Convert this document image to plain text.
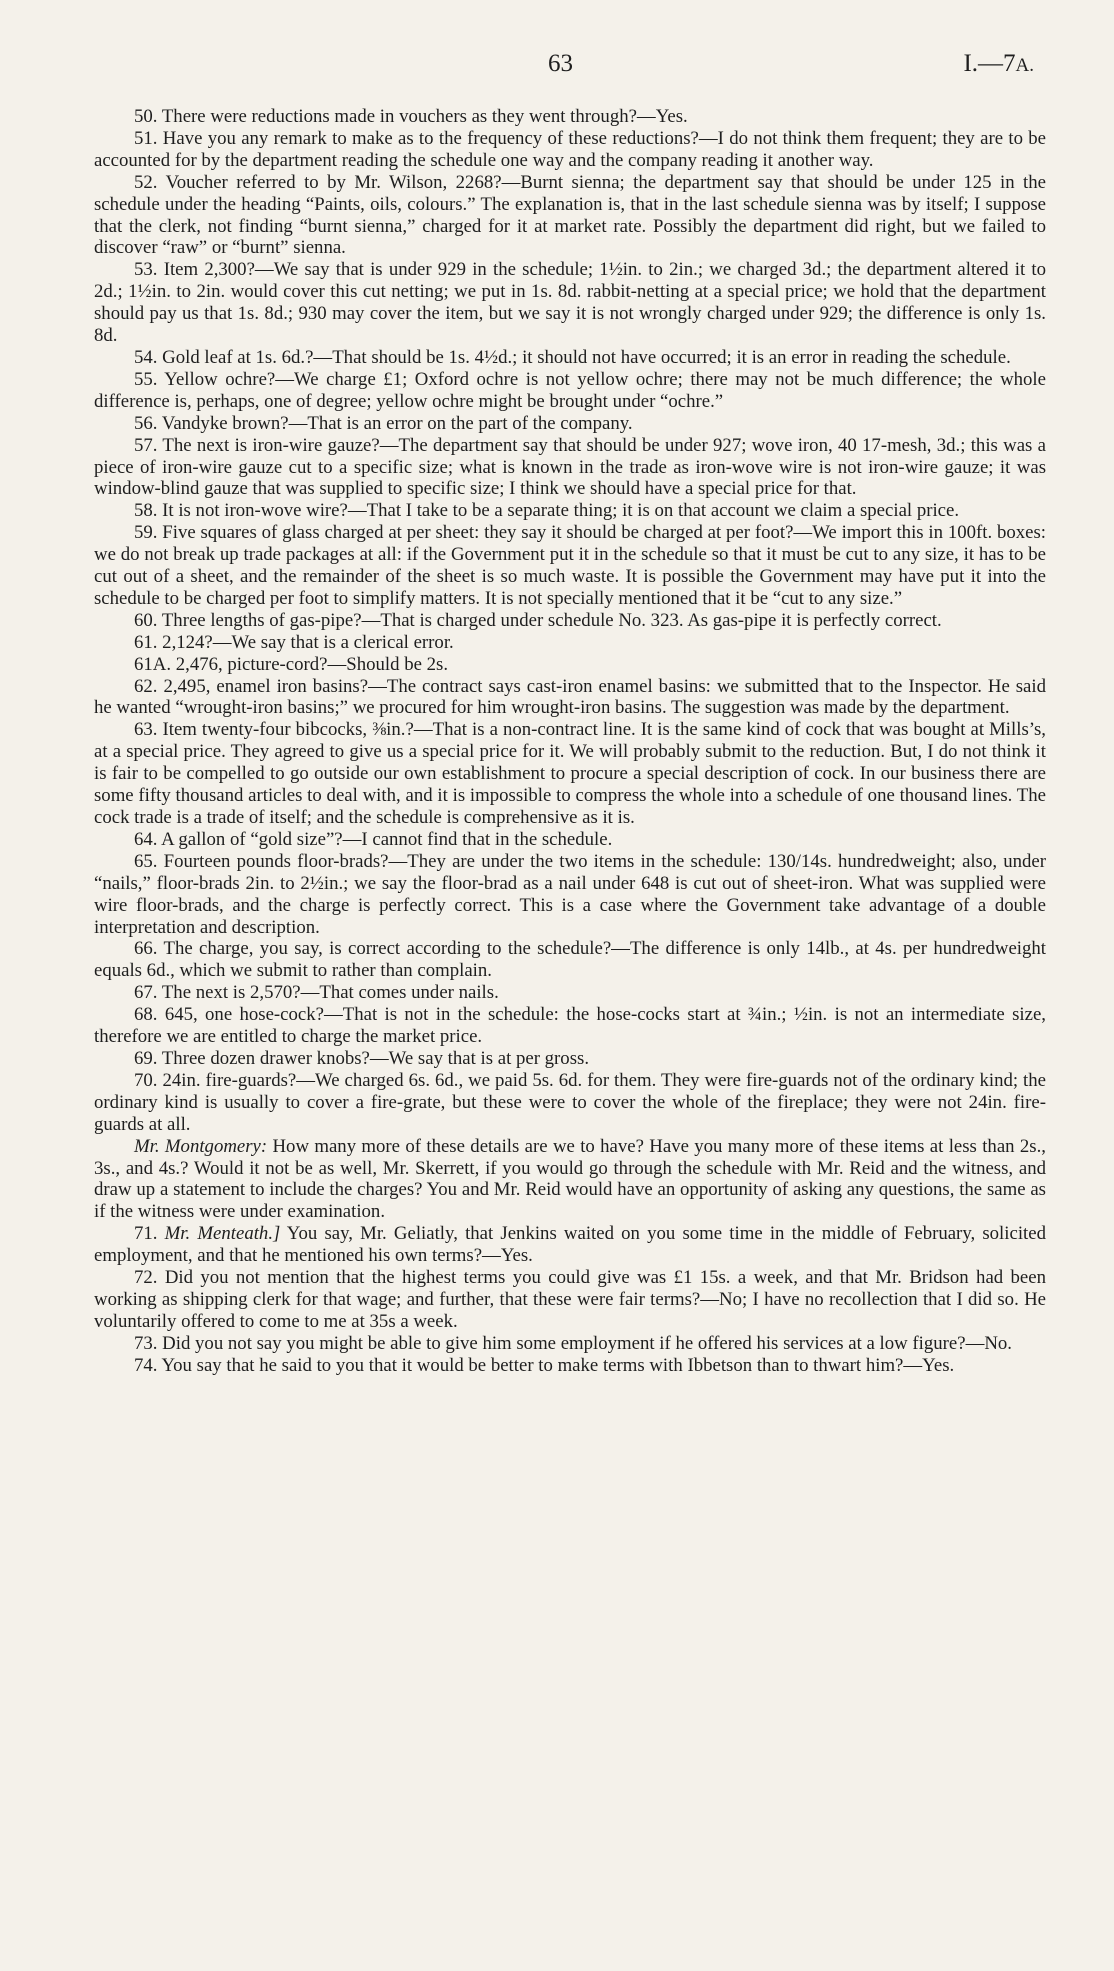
63	I.—7A.

50. There were reductions made in vouchers as they went through?—Yes.

51. Have you any remark to make as to the frequency of these reductions?—I do not think them frequent; they are to be accounted for by the department reading the schedule one way and the company reading it another way.

52. Voucher referred to by Mr. Wilson, 2268?—Burnt sienna; the department say that should be under 125 in the schedule under the heading “Paints, oils, colours.” The explanation is, that in the last schedule sienna was by itself; I suppose that the clerk, not finding “burnt sienna,” charged for it at market rate. Possibly the department did right, but we failed to discover “raw” or “burnt” sienna.

53. Item 2,300?—We say that is under 929 in the schedule; 1½in. to 2in.; we charged 3d.; the department altered it to 2d.; 1½in. to 2in. would cover this cut netting; we put in 1s. 8d. rabbit-netting at a special price; we hold that the department should pay us that 1s. 8d.; 930 may cover the item, but we say it is not wrongly charged under 929; the difference is only 1s. 8d.

54. Gold leaf at 1s. 6d.?—That should be 1s. 4½d.; it should not have occurred; it is an error in reading the schedule.

55. Yellow ochre?—We charge £1; Oxford ochre is not yellow ochre; there may not be much difference; the whole difference is, perhaps, one of degree; yellow ochre might be brought under “ochre.”

56. Vandyke brown?—That is an error on the part of the company.

57. The next is iron-wire gauze?—The department say that should be under 927; wove iron, 40 17-mesh, 3d.; this was a piece of iron-wire gauze cut to a specific size; what is known in the trade as iron-wove wire is not iron-wire gauze; it was window-blind gauze that was supplied to specific size; I think we should have a special price for that.

58. It is not iron-wove wire?—That I take to be a separate thing; it is on that account we claim a special price.

59. Five squares of glass charged at per sheet: they say it should be charged at per foot?—We import this in 100ft. boxes: we do not break up trade packages at all: if the Government put it in the schedule so that it must be cut to any size, it has to be cut out of a sheet, and the remainder of the sheet is so much waste. It is possible the Government may have put it into the schedule to be charged per foot to simplify matters. It is not specially mentioned that it be “cut to any size.”

60. Three lengths of gas-pipe?—That is charged under schedule No. 323. As gas-pipe it is perfectly correct.

61. 2,124?—We say that is a clerical error.

61A. 2,476, picture-cord?—Should be 2s.

62. 2,495, enamel iron basins?—The contract says cast-iron enamel basins: we submitted that to the Inspector. He said he wanted “wrought-iron basins;” we procured for him wrought-iron basins. The suggestion was made by the department.

63. Item twenty-four bibcocks, ⅜in.?—That is a non-contract line. It is the same kind of cock that was bought at Mills’s, at a special price. They agreed to give us a special price for it. We will probably submit to the reduction. But, I do not think it is fair to be compelled to go outside our own establishment to procure a special description of cock. In our business there are some fifty thousand articles to deal with, and it is impossible to compress the whole into a schedule of one thousand lines. The cock trade is a trade of itself; and the schedule is comprehensive as it is.

64. A gallon of “gold size”?—I cannot find that in the schedule.

65. Fourteen pounds floor-brads?—They are under the two items in the schedule: 130/14s. hundredweight; also, under “nails,” floor-brads 2in. to 2½in.; we say the floor-brad as a nail under 648 is cut out of sheet-iron. What was supplied were wire floor-brads, and the charge is perfectly correct. This is a case where the Government take advantage of a double interpretation and description.

66. The charge, you say, is correct according to the schedule?—The difference is only 14lb., at 4s. per hundredweight equals 6d., which we submit to rather than complain.

67. The next is 2,570?—That comes under nails.

68. 645, one hose-cock?—That is not in the schedule: the hose-cocks start at ¾in.; ½in. is not an intermediate size, therefore we are entitled to charge the market price.

69. Three dozen drawer knobs?—We say that is at per gross.

70. 24in. fire-guards?—We charged 6s. 6d., we paid 5s. 6d. for them. They were fire-guards not of the ordinary kind; the ordinary kind is usually to cover a fire-grate, but these were to cover the whole of the fireplace; they were not 24in. fire-guards at all.

Mr. Montgomery: How many more of these details are we to have? Have you many more of these items at less than 2s., 3s., and 4s.? Would it not be as well, Mr. Skerrett, if you would go through the schedule with Mr. Reid and the witness, and draw up a statement to include the charges? You and Mr. Reid would have an opportunity of asking any questions, the same as if the witness were under examination.

71. Mr. Menteath.] You say, Mr. Geliatly, that Jenkins waited on you some time in the middle of February, solicited employment, and that he mentioned his own terms?—Yes.

72. Did you not mention that the highest terms you could give was £1 15s. a week, and that Mr. Bridson had been working as shipping clerk for that wage; and further, that these were fair terms?—No; I have no recollection that I did so. He voluntarily offered to come to me at 35s a week.

73. Did you not say you might be able to give him some employment if he offered his services at a low figure?—No.

74. You say that he said to you that it would be better to make terms with Ibbetson than to thwart him?—Yes.
